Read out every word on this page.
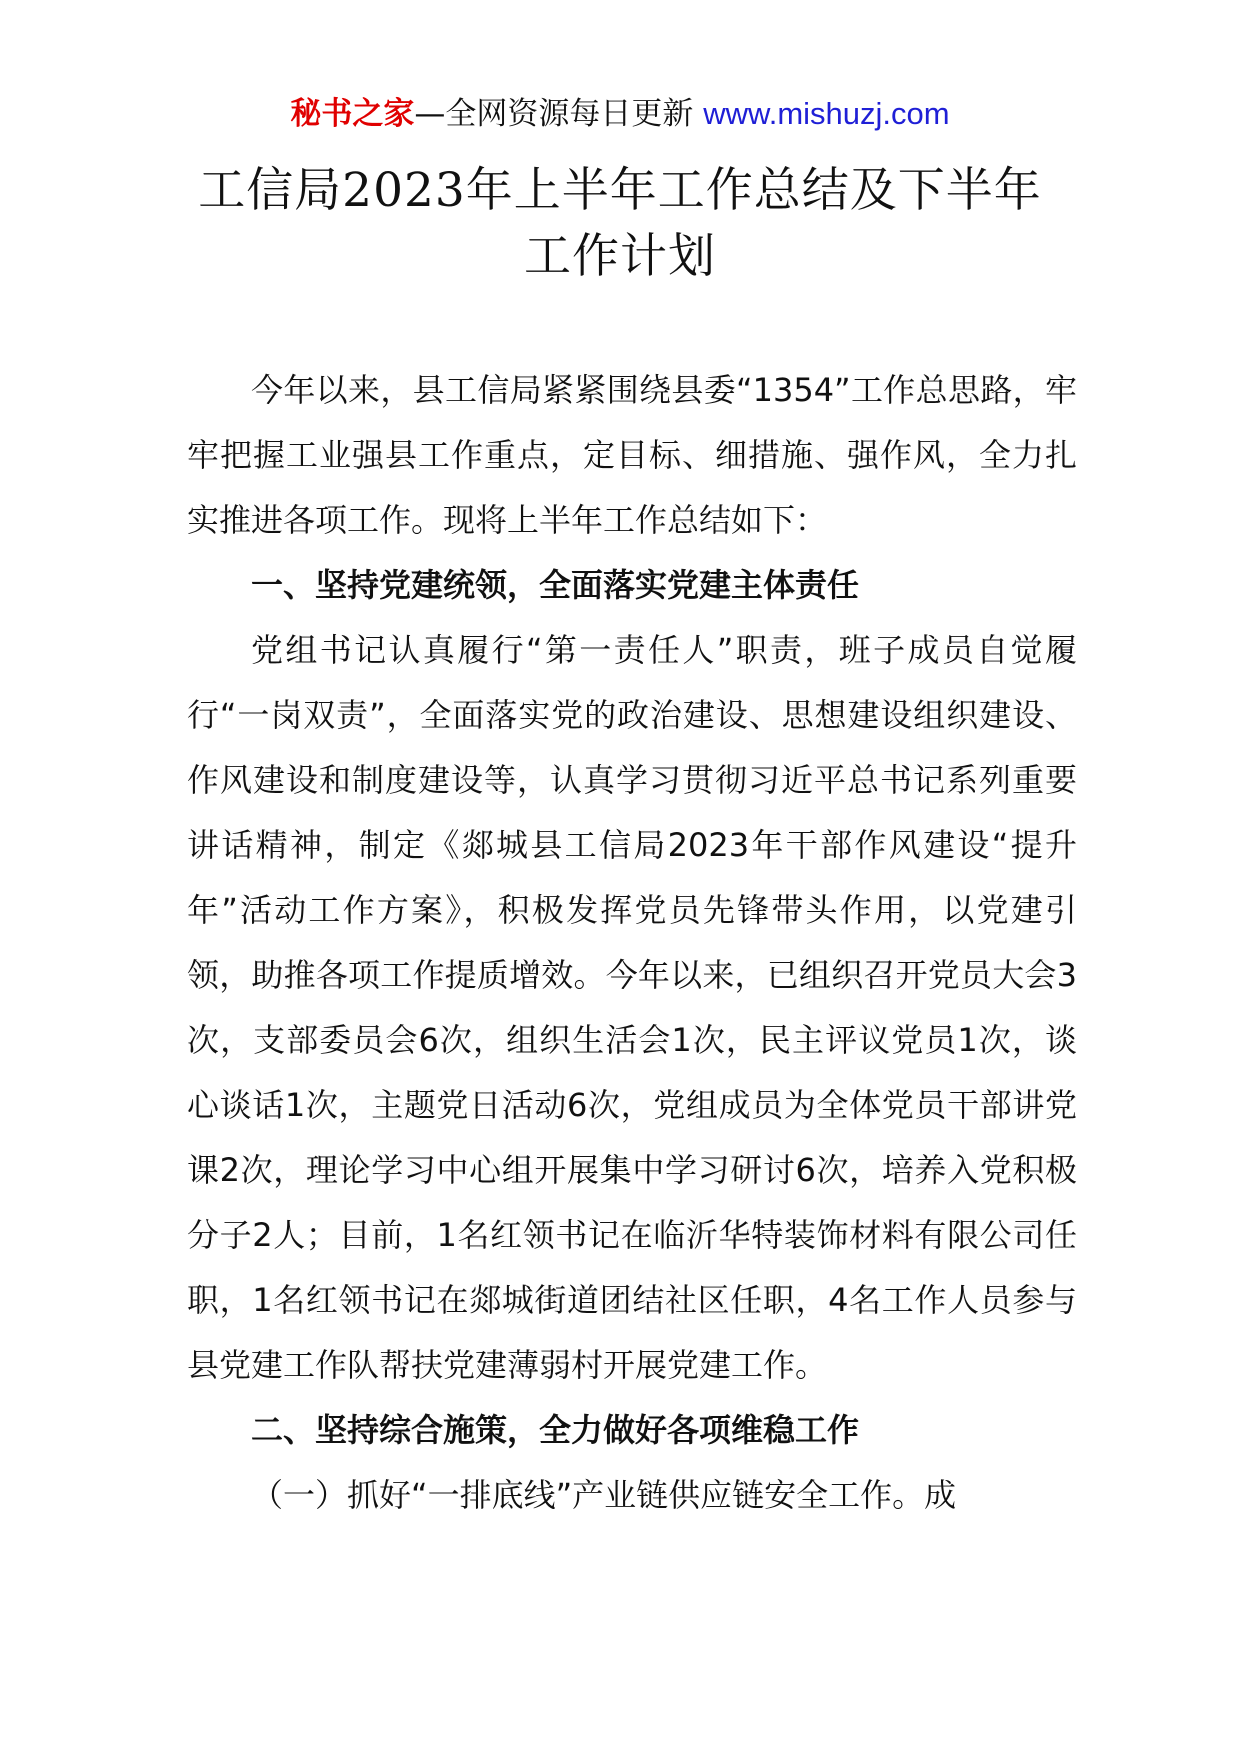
秘书之家—全网资源每日更新 www.mishuzj.com
工信局2023年上半年工作总结及下半年工作计划

今年以来，县工信局紧紧围绕县委“1354”工作总思路，牢牢把握工业强县工作重点，定目标、细措施、强作风，全力扎实推进各项工作。现将上半年工作总结如下：

一、坚持党建统领，全面落实党建主体责任

党组书记认真履行“第一责任人”职责，班子成员自觉履行“一岗双责”，全面落实党的政治建设、思想建设组织建设、作风建设和制度建设等，认真学习贯彻习近平总书记系列重要讲话精神，制定《郯城县工信局2023年干部作风建设“提升年”活动工作方案》，积极发挥党员先锋带头作用，以党建引领，助推各项工作提质增效。今年以来，已组织召开党员大会3次，支部委员会6次，组织生活会1次，民主评议党员1次，谈心谈话1次，主题党日活动6次，党组成员为全体党员干部讲党课2次，理论学习中心组开展集中学习研讨6次，培养入党积极分子2人；目前，1名红领书记在临沂华特装饰材料有限公司任职，1名红领书记在郯城街道团结社区任职，4名工作人员参与县党建工作队帮扶党建薄弱村开展党建工作。

二、坚持综合施策，全力做好各项维稳工作

（一）抓好“一排底线”产业链供应链安全工作。成
